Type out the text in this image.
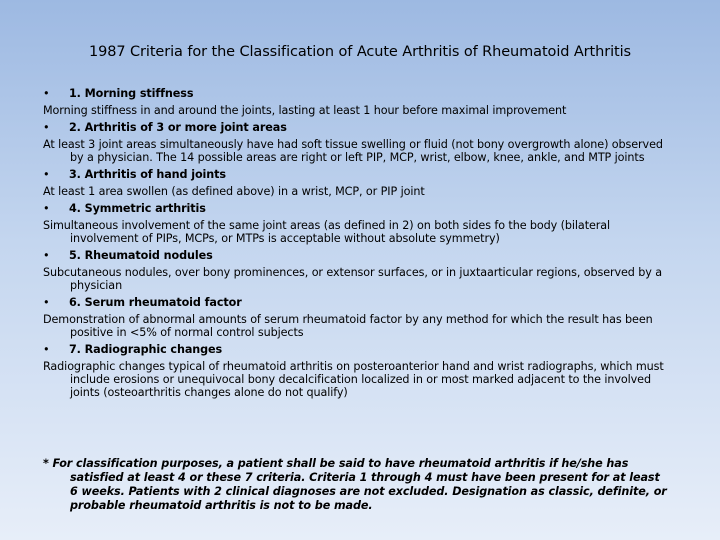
1987 Criteria for the Classification of Acute Arthritis of Rheumatoid Arthritis
• 1. Morning stiffness
Morning stiffness in and around the joints, lasting at least 1 hour before maximal improvement
• 2. Arthritis of 3 or more joint areas
At least 3 joint areas simultaneously have had soft tissue swelling or fluid (not bony overgrowth alone) observed by a physician. The 14 possible areas are right or left PIP, MCP, wrist, elbow, knee, ankle, and MTP joints
• 3. Arthritis of hand joints
At least 1 area swollen (as defined above) in a wrist, MCP, or PIP joint
• 4. Symmetric arthritis
Simultaneous involvement of the same joint areas (as defined in 2) on both sides fo the body (bilateral involvement of PIPs, MCPs, or MTPs is acceptable without absolute symmetry)
• 5. Rheumatoid nodules
Subcutaneous nodules, over bony prominences, or extensor surfaces, or in juxtaarticular regions, observed by a physician
• 6. Serum rheumatoid factor
Demonstration of abnormal amounts of serum rheumatoid factor by any method for which the result has been positive in <5% of normal control subjects
• 7. Radiographic changes
Radiographic changes typical of rheumatoid arthritis on posteroanterior hand and wrist radiographs, which must include erosions or unequivocal bony decalcification localized in or most marked adjacent to the involved joints (osteoarthritis changes alone do not qualify)
* For classification purposes, a patient shall be said to have rheumatoid arthritis if he/she has satisfied at least 4 or these 7 criteria. Criteria 1 through 4 must have been present for at least 6 weeks. Patients with 2 clinical diagnoses are not excluded. Designation as classic, definite, or probable rheumatoid arthritis is not to be made.
